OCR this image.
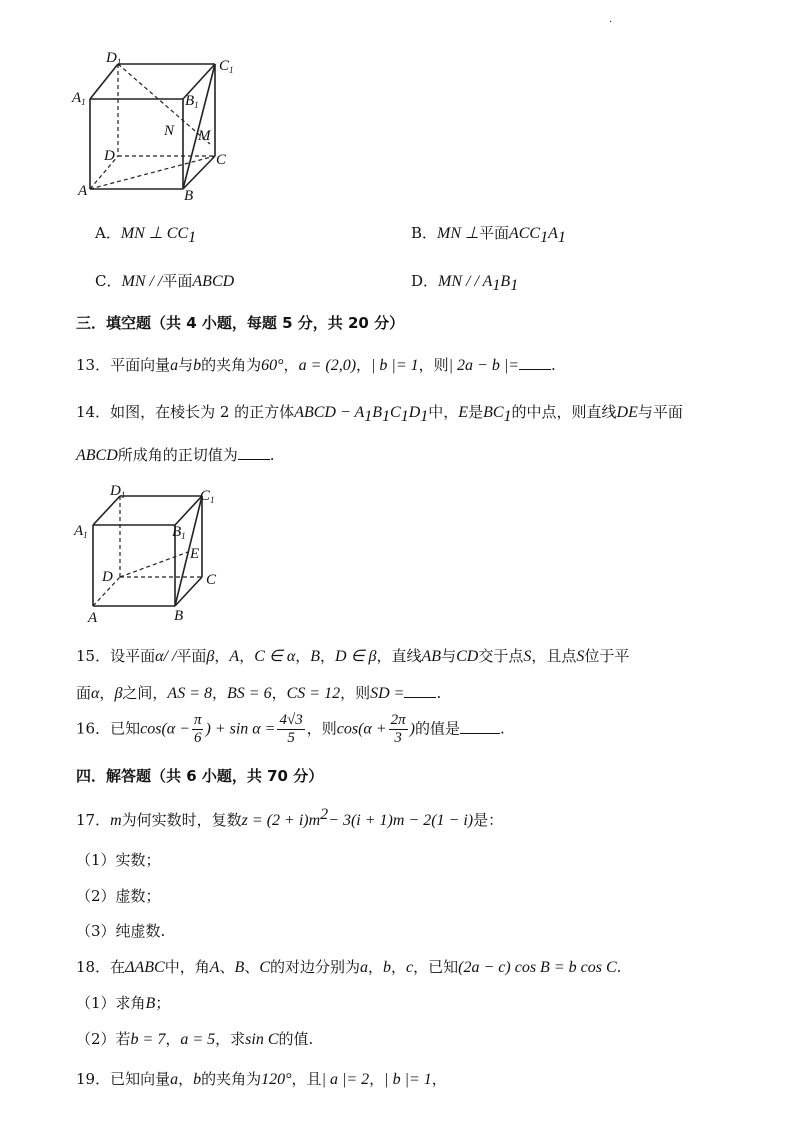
.
$D_1$	$C_1$
$A_1$	$B_1$
N M
D	C
A	B
A．MN ⊥ $CC_1$	B．MN ⊥平面$ACC_1A_1$
C．MN / /平面ABCD	D．MN / / $A_1B_1$
三．填空题（共 4 小题，每题 5 分，共 20 分）
13．平面向量a与b的夹角为60°，a = (2,0)，| b |= 1，则| 2a − b |= .
14．如图，在棱长为 2 的正方体ABCD − $A_1B_1C_1D_1$中，E是$BC_1$的中点，则直线DE与平面
ABCD所成角的正切值为 .
$D_1$	$C_1$
$A_1$	$B_1$
E
D	C
A	B
15．设平面α/ /平面β，A，C ∈ α，B，D ∈ β，直线AB与CD交于点S，且点S位于平
面α，β之间，AS = 8，BS = 6，CS = 12，则SD = .
16．已知$\cos(\alpha - \frac{\pi}{6}$ ) + $\sin \alpha = \frac{4√3}{5}$ ，则$\cos(\alpha + \frac{2\pi}{3}$ )的值是	.
四．解答题（共 6 小题，共 70 分）
17．m为何实数时，复数$z = (2 + i)m^2- 3(i + 1)m - 2(1 - i)$是：
（1）实数；
（2）虚数；
（3）纯虚数.
18．在ΔABC中，角A、B、C的对边分别为a，b，c，已知(2a − c) cos B = b cos C.
（1）求角B；
（2）若b = 7，a = 5，求sin C的值.
19．已知向量a，b的夹角为120°，且| a |= 2，| b |= 1，
